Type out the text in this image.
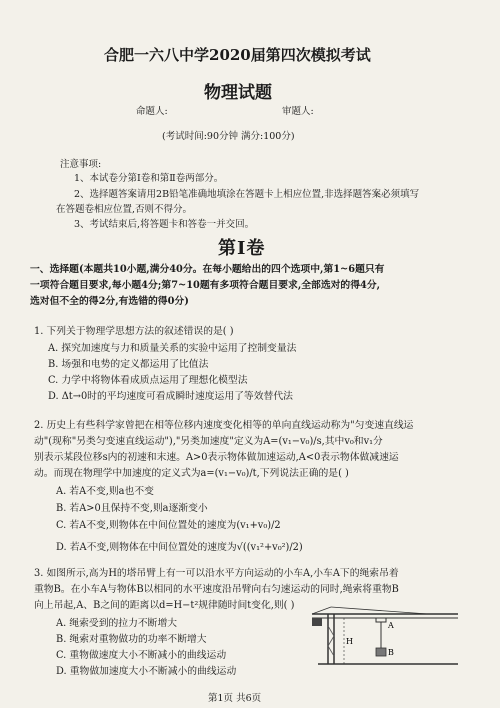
合肥一六八中学2020届第四次模拟考试
物理试题
命题人:	审题人:
(考试时间:90分钟 满分:100分)
注意事项:
1、本试卷分第Ⅰ卷和第Ⅱ卷两部分。
2、选择题答案请用2B铅笔准确地填涂在答题卡上相应位置,非选择题答案必须填写
在答题卷相应位置,否则不得分。
3、考试结束后,将答题卡和答卷一并交回。
第Ⅰ卷
一、选择题(本题共10小题,满分40分。在每小题给出的四个选项中,第1~6题只有
一项符合题目要求,每小题4分;第7~10题有多项符合题目要求,全部选对的得4分,
选对但不全的得2分,有选错的得0分)
1. 下列关于物理学思想方法的叙述错误的是( )
A. 探究加速度与力和质量关系的实验中运用了控制变量法
B. 场强和电势的定义都运用了比值法
C. 力学中将物体看成质点运用了理想化模型法
D. Δt→0时的平均速度可看成瞬时速度运用了等效替代法
2. 历史上有些科学家曾把在相等位移内速度变化相等的单向直线运动称为"匀变速直线运
动"(现称"另类匀变速直线运动"),"另类加速度"定义为A=(v₁−v₀)/s,其中v₀和v₁分
别表示某段位移s内的初速和末速。A>0表示物体做加速运动,A<0表示物体做减速运
动。而现在物理学中加速度的定义式为a=(v₁−v₀)/t,下列说法正确的是( )
A. 若A不变,则a也不变
B. 若A>0且保持不变,则a逐渐变小
C. 若A不变,则物体在中间位置处的速度为(v₁+v₀)/2
D. 若A不变,则物体在中间位置处的速度为√((v₁²+v₀²)/2)
3. 如图所示,高为H的塔吊臂上有一可以沿水平方向运动的小车A,小车A下的绳索吊着
重物B。在小车A与物体B以相同的水平速度沿吊臂向右匀速运动的同时,绳索将重物B
向上吊起,A、B之间的距离以d=H−t²规律随时间t变化,则( )
A. 绳索受到的拉力不断增大
B. 绳索对重物做功的功率不断增大
C. 重物做速度大小不断减小的曲线运动
D. 重物做加速度大小不断减小的曲线运动
A
B
H
第1页 共6页
